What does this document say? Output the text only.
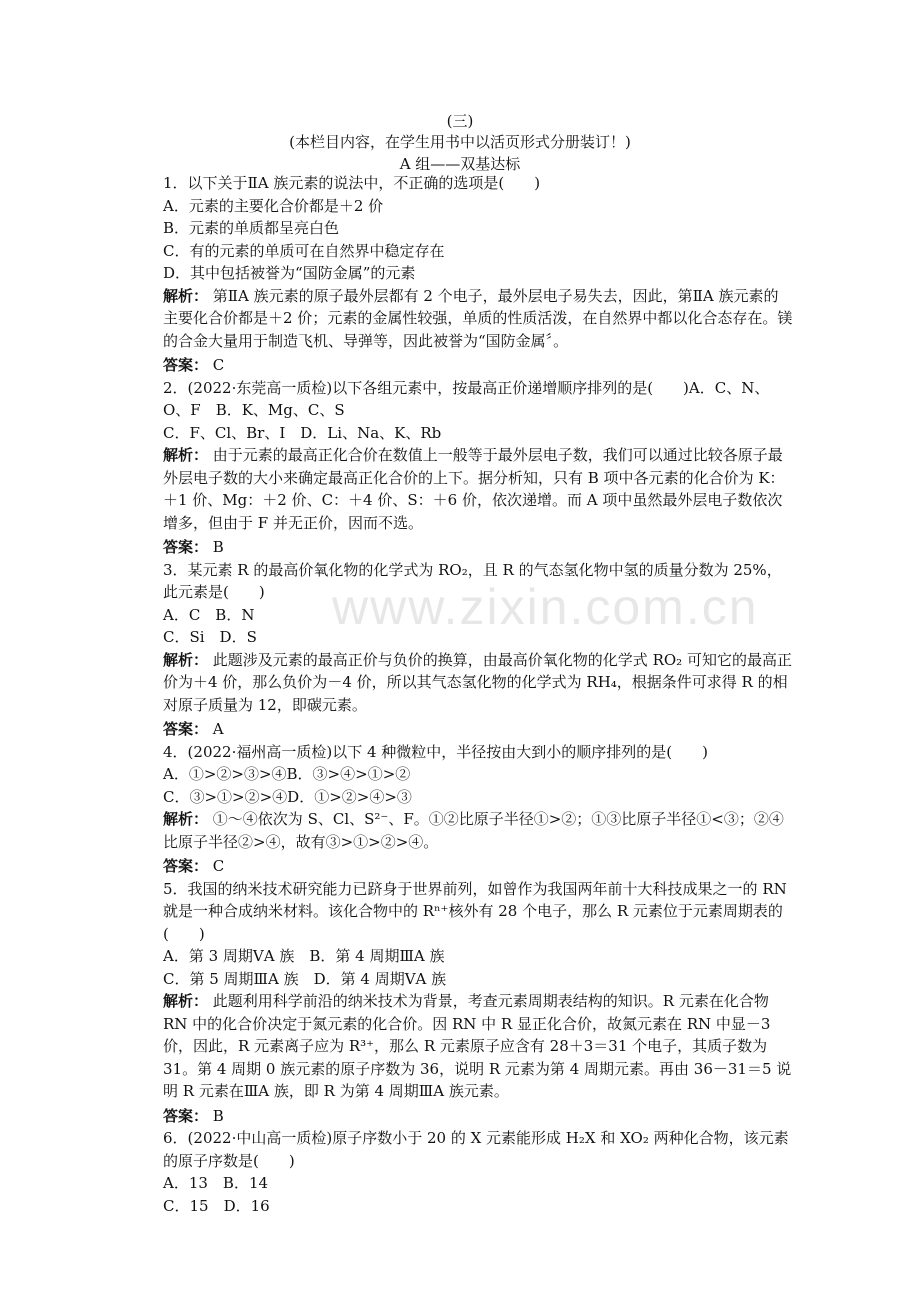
(三)
(本栏目内容，在学生用书中以活页形式分册装订！)
A 组——双基达标
www.zixin.com.cn

1．以下关于ⅡA 族元素的说法中，不正确的选项是(　　)

A．元素的主要化合价都是＋2 价

B．元素的单质都呈亮白色

C．有的元素的单质可在自然界中稳定存在

D．其中包括被誉为“国防金属”的元素

解析： 第ⅡA 族元素的原子最外层都有 2 个电子，最外层电子易失去，因此，第ⅡA 族元素的主要化合价都是＋2 价；元素的金属性较强，单质的性质活泼，在自然界中都以化合态存在。镁的合金大量用于制造飞机、导弹等，因此被誉为“国防金属〞。

答案： C

2．(2022·东莞高一质检)以下各组元素中，按最高正价递增顺序排列的是(　　)A．C、N、O、F　B．K、Mg、C、S

C．F、Cl、Br、I　D．Li、Na、K、Rb

解析： 由于元素的最高正化合价在数值上一般等于最外层电子数，我们可以通过比较各原子最外层电子数的大小来确定最高正化合价的上下。据分析知，只有 B 项中各元素的化合价为 K：＋1 价、Mg：＋2 价、C：＋4 价、S：＋6 价，依次递增。而 A 项中虽然最外层电子数依次增多，但由于 F 并无正价，因而不选。

答案： B

3．某元素 R 的最高价氧化物的化学式为 RO₂，且 R 的气态氢化物中氢的质量分数为 25%，此元素是(　　)

A．C　B．N

C．Si　D．S

解析： 此题涉及元素的最高正价与负价的换算，由最高价氧化物的化学式 RO₂ 可知它的最高正价为＋4 价，那么负价为－4 价，所以其气态氢化物的化学式为 RH₄，根据条件可求得 R 的相对原子质量为 12，即碳元素。

答案： A

4．(2022·福州高一质检)以下 4 种微粒中，半径按由大到小的顺序排列的是(　　)

A．①>②>③>④B．③>④>①>②

C．③>①>②>④D．①>②>④>③

解析： ①～④依次为 S、Cl、S²⁻、F。①②比原子半径①>②；①③比原子半径①<③；②④比原子半径②>④，故有③>①>②>④。

答案： C

5．我国的纳米技术研究能力已跻身于世界前列，如曾作为我国两年前十大科技成果之一的 RN 就是一种合成纳米材料。该化合物中的 Rⁿ⁺核外有 28 个电子，那么 R 元素位于元素周期表的(　　)

A．第 3 周期ⅤA 族　B．第 4 周期ⅢA 族

C．第 5 周期ⅢA 族　D．第 4 周期ⅤA 族

解析： 此题利用科学前沿的纳米技术为背景，考查元素周期表结构的知识。R 元素在化合物 RN 中的化合价决定于氮元素的化合价。因 RN 中 R 显正化合价，故氮元素在 RN 中显－3 价，因此，R 元素离子应为 R³⁺，那么 R 元素原子应含有 28＋3＝31 个电子，其质子数为 31。第 4 周期 0 族元素的原子序数为 36，说明 R 元素为第 4 周期元素。再由 36－31＝5 说明 R 元素在ⅢA 族，即 R 为第 4 周期ⅢA 族元素。

答案： B

6．(2022·中山高一质检)原子序数小于 20 的 X 元素能形成 H₂X 和 XO₂ 两种化合物，该元素的原子序数是(　　)

A．13　B．14

C．15　D．16
